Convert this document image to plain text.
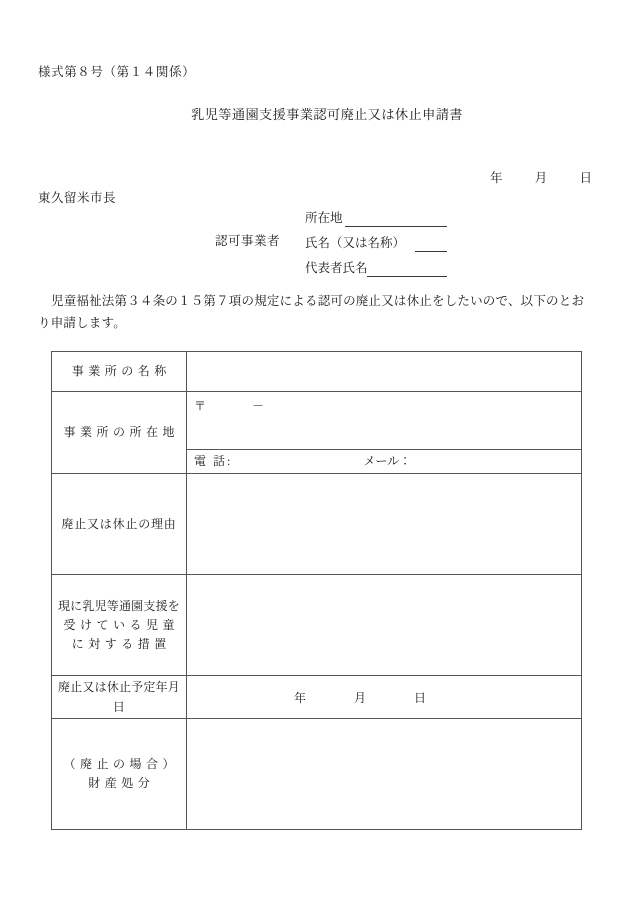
様式第８号（第１４関係）
乳児等通園支援事業認可廃止又は休止申請書
年	月	日
東久留米市長
認可事業者
所在地
氏名（又は名称）
代表者氏名
児童福祉法第３４条の１５第７項の規定による認可の廃止又は休止をしたいので、以下のとおり申請します。
事業所の名称	

事業所の所在地	〒 －
電 話: メール：

廃止又は休止の理由	

現に乳児等通園支援を
受けている児童
に対する措置	

廃止又は休止予定年月
日	年 月 日

（廃止の場合）
財産処分	
